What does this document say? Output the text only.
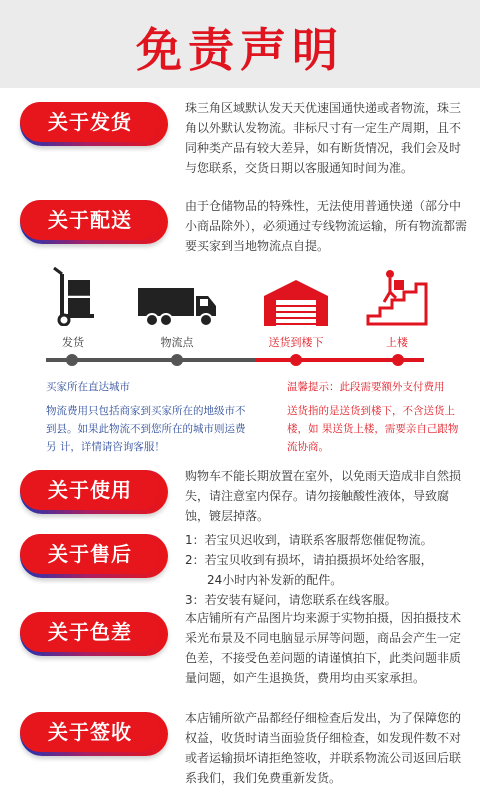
免责声明
关于发货
珠三角区域默认发天天优速国通快递或者物流，珠三角以外默认发物流。非标尺寸有一定生产周期，且不同种类产品有较大差异，如有断货情况，我们会及时与您联系，交货日期以客服通知时间为准。
关于配送
由于仓储物品的特殊性，无法使用普通快递（部分中小商品除外），必须通过专线物流运输，所有物流都需要买家到当地物流点自提。
发货	物流点	送货到楼下	上楼
买家所在直达城市
物流费用只包括商家到买家所在的地级市不到县。如果此物流不到您所在的城市则运费另 计，详情请咨询客服！
温馨提示：此段需要额外支付费用
送货指的是送货到楼下，不含送货上楼，如 果送货上楼，需要亲自己跟物流协商。
关于使用
购物车不能长期放置在室外，以免雨天造成非自然损失，请注意室内保存。请勿接触酸性液体，导致腐蚀，镀层掉落。
关于售后
1：若宝贝迟收到，请联系客服帮您催促物流。
2：若宝贝收到有损坏，请拍摄损坏处给客服，
24小时内补发新的配件。
3：若安装有疑问，请您联系在线客服。
关于色差
本店铺所有产品图片均来源于实物拍摄，因拍摄技术采光布景及不同电脑显示屏等问题，商品会产生一定色差，不接受色差问题的请谨慎拍下，此类问题非质量问题，如产生退换货，费用均由买家承担。
关于签收
本店铺所欲产品都经仔细检查后发出，为了保障您的权益，收货时请当面验货仔细检查，如发现件数不对或者运输损坏请拒绝签收，并联系物流公司返回后联系我们，我们免费重新发货。
